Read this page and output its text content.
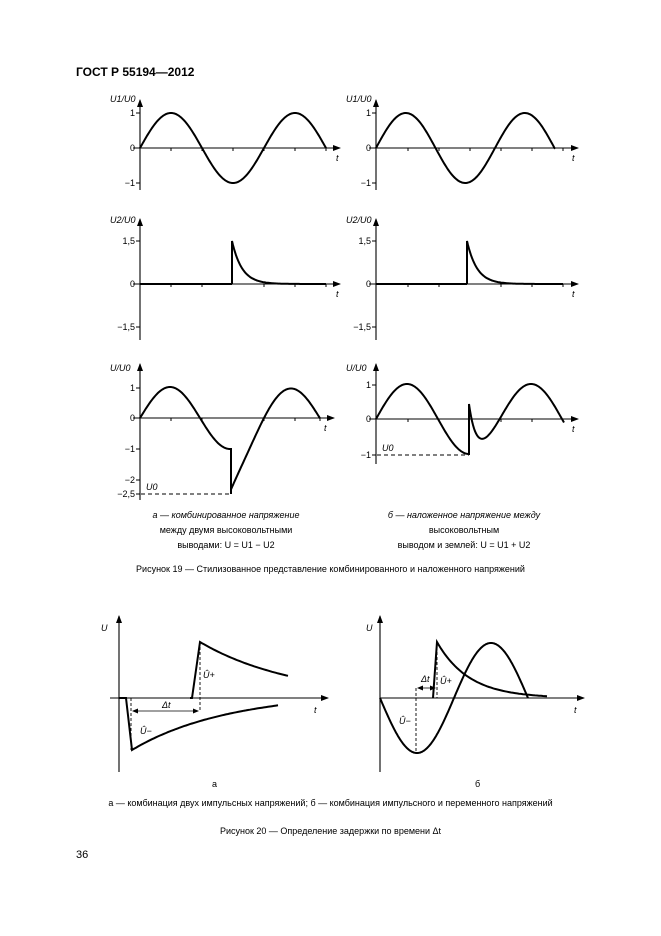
ГОСТ Р 55194—2012
U1/U0
t
1
0
−1
U1/U0
t
1
0
−1
U2/U0
t
1,5
0
−1,5
U2/U0
t
1,5
0
−1,5
U/U0
t
1
0
−1
−2
−2,5
U0
U/U0
t
1
0
−1
U0
U
t
Û+
Û−
Δt
а
U
t
Û+
Û−
Δt
б
а — комбинированное напряжение
между двумя высоковольтными
выводами: U = U1 − U2
б — наложенное напряжение между
высоковольтным
выводом и землей: U = U1 + U2
Рисунок 19 — Стилизованное представление комбинированного и наложенного напряжений
а — комбинация двух импульсных напряжений; б — комбинация импульсного и переменного напряжений
Рисунок 20 — Определение задержки по времени Δt
36
